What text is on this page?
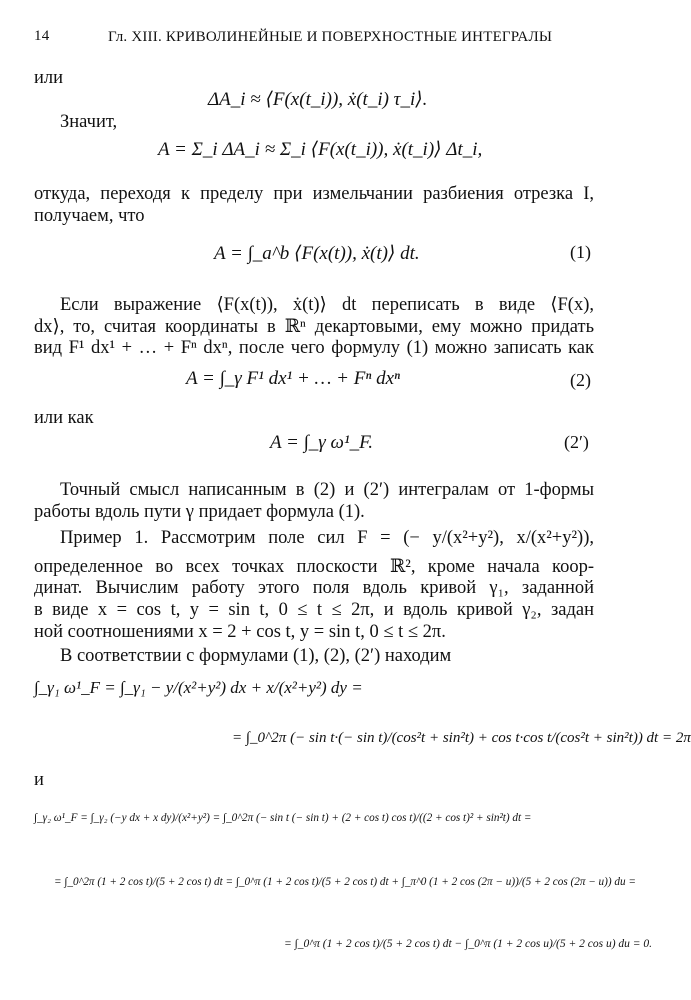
14	Гл. XIII. КРИВОЛИНЕЙНЫЕ И ПОВЕРХНОСТНЫЕ ИНТЕГРАЛЫ
или
ΔA_i ≈ ⟨F(x(t_i)), ẋ(t_i) τ_i⟩.
Значит,
A = Σ_i ΔA_i ≈ Σ_i ⟨F(x(t_i)), ẋ(t_i)⟩ Δt_i,
откуда, переходя к пределу при измельчании разбиения отрезка I,
получаем, что
A = ∫_a^b ⟨F(x(t)), ẋ(t)⟩ dt.	(1)
Если выражение ⟨F(x(t)), ẋ(t)⟩ dt переписать в виде ⟨F(x),
dx⟩, то, считая координаты в ℝⁿ декартовыми, ему можно придать
вид F¹ dx¹ + … + Fⁿ dxⁿ, после чего формулу (1) можно записать как
A = ∫_γ F¹ dx¹ + … + Fⁿ dxⁿ	(2)
или как
A = ∫_γ ω¹_F.	(2′)
Точный смысл написанным в (2) и (2′) интегралам от 1-формы
работы вдоль пути γ придает формула (1).
Пример 1. Рассмотрим поле сил F = (− y/(x²+y²), x/(x²+y²)),
определенное во всех точках плоскости ℝ², кроме начала коор-
динат. Вычислим работу этого поля вдоль кривой γ₁, заданной
в виде x = cos t, y = sin t, 0 ≤ t ≤ 2π, и вдоль кривой γ₂, задан
ной соотношениями x = 2 + cos t, y = sin t, 0 ≤ t ≤ 2π.
В соответствии с формулами (1), (2), (2′) находим
∫_γ₁ ω¹_F = ∫_γ₁ − y/(x²+y²) dx + x/(x²+y²) dy =
= ∫_0^2π (− sin t·(− sin t)/(cos²t + sin²t) + cos t·cos t/(cos²t + sin²t)) dt = 2π
и
∫_γ₂ ω¹_F = ∫_γ₂ (−y dx + x dy)/(x²+y²) = ∫_0^2π (− sin t (− sin t) + (2 + cos t) cos t)/((2 + cos t)² + sin²t) dt =
= ∫_0^2π (1 + 2 cos t)/(5 + 2 cos t) dt = ∫_0^π (1 + 2 cos t)/(5 + 2 cos t) dt + ∫_π^0 (1 + 2 cos (2π − u))/(5 + 2 cos (2π − u)) du =
= ∫_0^π (1 + 2 cos t)/(5 + 2 cos t) dt − ∫_0^π (1 + 2 cos u)/(5 + 2 cos u) du = 0.
